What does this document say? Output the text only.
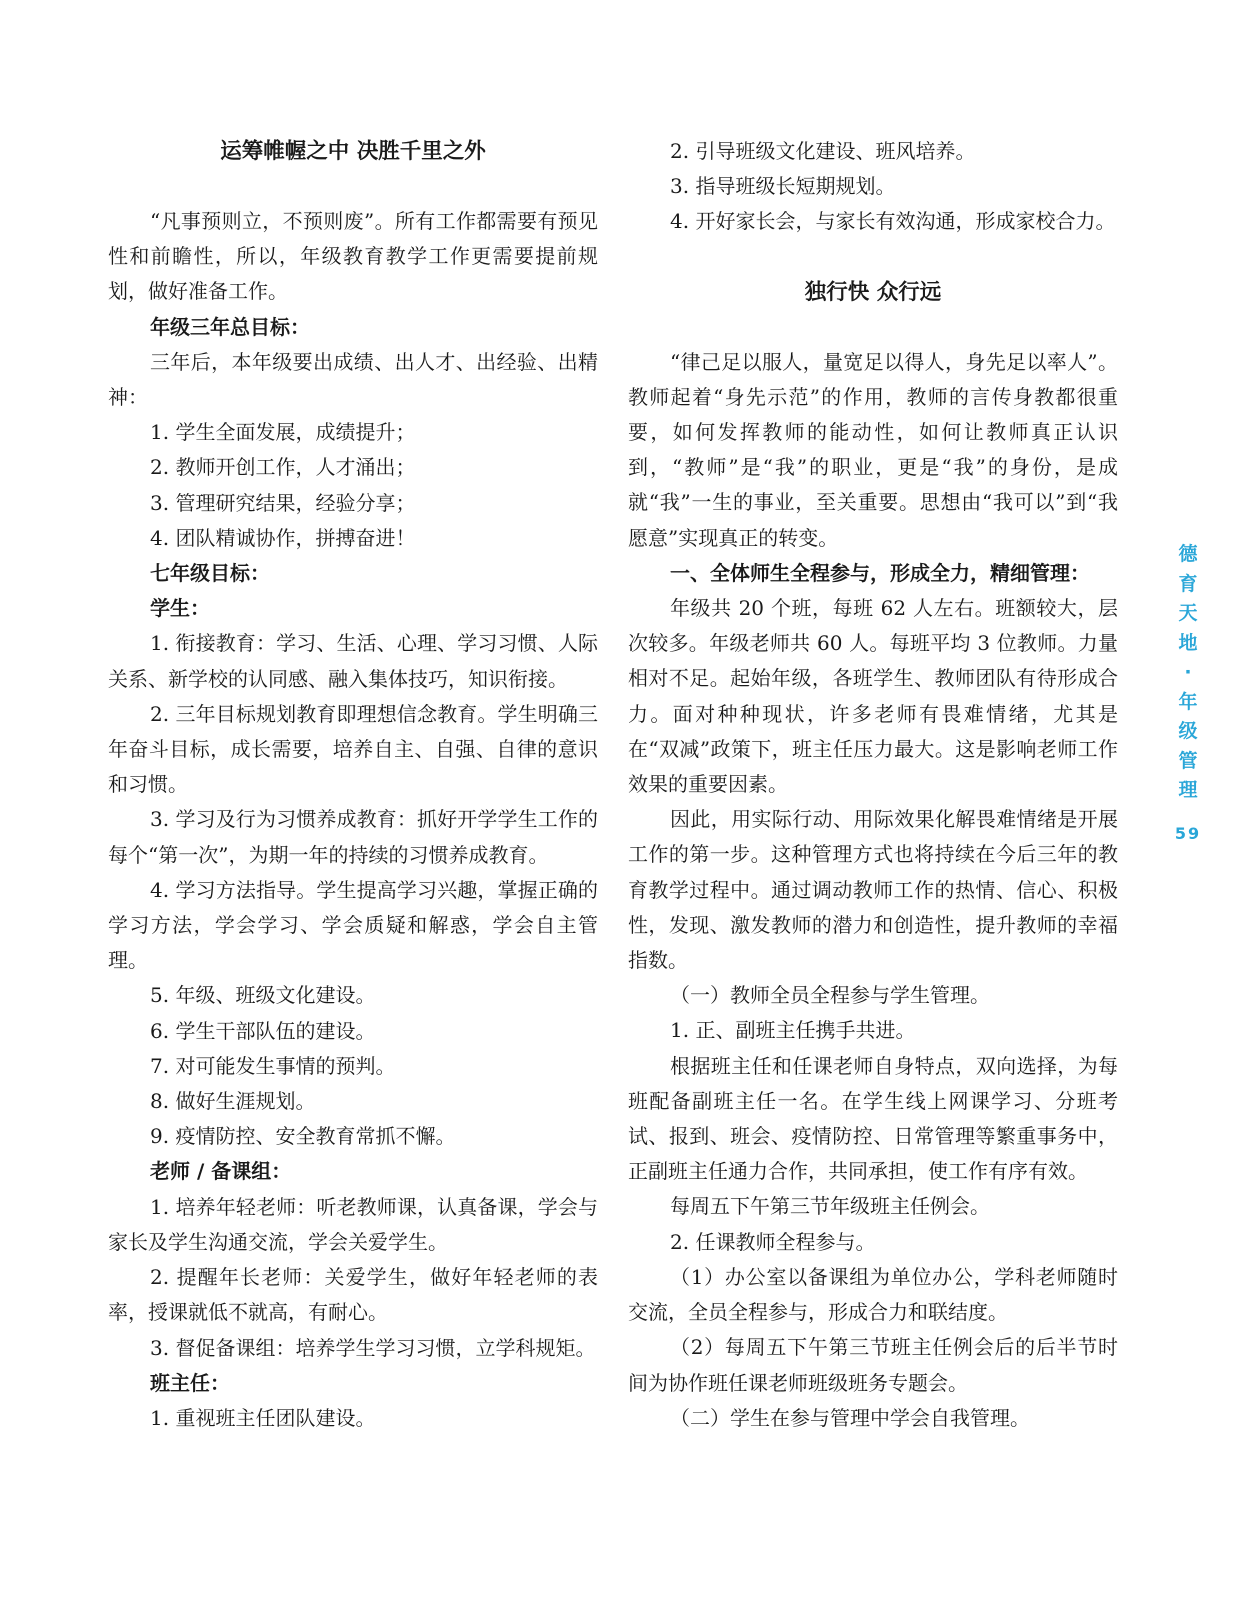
运筹帷幄之中 决胜千里之外

“凡事预则立，不预则废”。所有工作都需要有预见性和前瞻性，所以，年级教育教学工作更需要提前规划，做好准备工作。

年级三年总目标：

三年后，本年级要出成绩、出人才、出经验、出精神：

1. 学生全面发展，成绩提升；

2. 教师开创工作，人才涌出；

3. 管理研究结果，经验分享；

4. 团队精诚协作，拼搏奋进！

七年级目标：

学生：

1. 衔接教育：学习、生活、心理、学习习惯、人际关系、新学校的认同感、融入集体技巧，知识衔接。

2. 三年目标规划教育即理想信念教育。学生明确三年奋斗目标，成长需要，培养自主、自强、自律的意识和习惯。

3. 学习及行为习惯养成教育：抓好开学学生工作的每个“第一次”，为期一年的持续的习惯养成教育。

4. 学习方法指导。学生提高学习兴趣，掌握正确的学习方法，学会学习、学会质疑和解惑，学会自主管理。

5. 年级、班级文化建设。

6. 学生干部队伍的建设。

7. 对可能发生事情的预判。

8. 做好生涯规划。

9. 疫情防控、安全教育常抓不懈。

老师 / 备课组：

1. 培养年轻老师：听老教师课，认真备课，学会与家长及学生沟通交流，学会关爱学生。

2. 提醒年长老师：关爱学生，做好年轻老师的表率，授课就低不就高，有耐心。

3. 督促备课组：培养学生学习习惯，立学科规矩。

班主任：

1. 重视班主任团队建设。

2. 引导班级文化建设、班风培养。

3. 指导班级长短期规划。

4. 开好家长会，与家长有效沟通，形成家校合力。

独行快 众行远

“律己足以服人，量宽足以得人，身先足以率人”。教师起着“身先示范”的作用，教师的言传身教都很重要，如何发挥教师的能动性，如何让教师真正认识到，“教师”是“我”的职业，更是“我”的身份，是成就“我”一生的事业，至关重要。思想由“我可以”到“我愿意”实现真正的转变。

一、全体师生全程参与，形成全力，精细管理：

年级共 20 个班，每班 62 人左右。班额较大，层次较多。年级老师共 60 人。每班平均 3 位教师。力量相对不足。起始年级，各班学生、教师团队有待形成合力。面对种种现状，许多老师有畏难情绪，尤其是在“双减”政策下，班主任压力最大。这是影响老师工作效果的重要因素。

因此，用实际行动、用际效果化解畏难情绪是开展工作的第一步。这种管理方式也将持续在今后三年的教育教学过程中。通过调动教师工作的热情、信心、积极性，发现、激发教师的潜力和创造性，提升教师的幸福指数。

（一）教师全员全程参与学生管理。

1. 正、副班主任携手共进。

根据班主任和任课老师自身特点，双向选择，为每班配备副班主任一名。在学生线上网课学习、分班考试、报到、班会、疫情防控、日常管理等繁重事务中，正副班主任通力合作，共同承担，使工作有序有效。

每周五下午第三节年级班主任例会。

2. 任课教师全程参与。

（1）办公室以备课组为单位办公，学科老师随时交流，全员全程参与，形成合力和联结度。

（2）每周五下午第三节班主任例会后的后半节时间为协作班任课老师班级班务专题会。

（二）学生在参与管理中学会自我管理。

德
育
天
地
·
年
级
管
理
59
